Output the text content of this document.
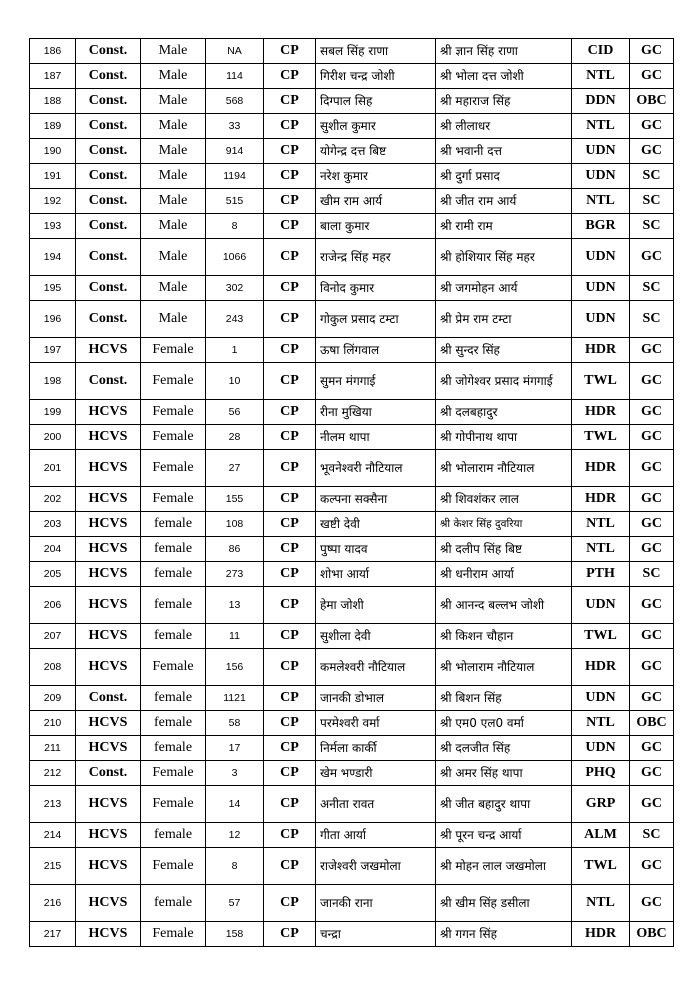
186	Const.	Male	NA	CP	सबल सिंह राणा	श्री ज्ञान सिंह राणा	CID	GC
187	Const.	Male	114	CP	गिरीश चन्द्र जोशी	श्री भोला दत्त जोशी	NTL	GC
188	Const.	Male	568	CP	दिग्पाल सिह	श्री महाराज सिंह	DDN	OBC
189	Const.	Male	33	CP	सुशील कुमार	श्री लीलाधर	NTL	GC
190	Const.	Male	914	CP	योगेन्द्र दत्त बिष्ट	श्री भवानी दत्त	UDN	GC
191	Const.	Male	1194	CP	नरेश कुमार	श्री दुर्गा प्रसाद	UDN	SC
192	Const.	Male	515	CP	खीम राम आर्य	श्री जीत राम आर्य	NTL	SC
193	Const.	Male	8	CP	बाला कुमार	श्री रामी राम	BGR	SC
194	Const.	Male	1066	CP	राजेन्द्र सिंह महर	श्री होशियार सिंह महर	UDN	GC
195	Const.	Male	302	CP	विनोद कुमार	श्री जगमोहन आर्य	UDN	SC
196	Const.	Male	243	CP	गोकुल प्रसाद टम्टा	श्री प्रेम राम टम्टा	UDN	SC
197	HCVS	Female	1	CP	ऊषा लिंगवाल	श्री सुन्दर सिंह	HDR	GC
198	Const.	Female	10	CP	सुमन मंगगाई	श्री जोगेश्वर प्रसाद मंगगाई	TWL	GC
199	HCVS	Female	56	CP	रीना मुखिया	श्री दलबहादुर	HDR	GC
200	HCVS	Female	28	CP	नीलम थापा	श्री गोपीनाथ थापा	TWL	GC
201	HCVS	Female	27	CP	भूवनेश्वरी नौटियाल	श्री भोलाराम नौटियाल	HDR	GC
202	HCVS	Female	155	CP	कल्पना सक्सैना	श्री शिवशंकर लाल	HDR	GC
203	HCVS	female	108	CP	खष्टी देवी	श्री केशर सिंह दुवरिया	NTL	GC
204	HCVS	female	86	CP	पुष्पा यादव	श्री दलीप सिंह बिष्ट	NTL	GC
205	HCVS	female	273	CP	शोभा आर्या	श्री धनीराम आर्या	PTH	SC
206	HCVS	female	13	CP	हेमा जोशी	श्री आनन्द बल्लभ जोशी	UDN	GC
207	HCVS	female	11	CP	सुशीला देवी	श्री किशन चौहान	TWL	GC
208	HCVS	Female	156	CP	कमलेश्वरी नौटियाल	श्री भोलाराम नौटियाल	HDR	GC
209	Const.	female	1121	CP	जानकी डोभाल	श्री बिशन सिंह	UDN	GC
210	HCVS	female	58	CP	परमेश्वरी वर्मा	श्री एम0 एल0 वर्मा	NTL	OBC
211	HCVS	female	17	CP	निर्मला कार्की	श्री दलजीत सिंह	UDN	GC
212	Const.	Female	3	CP	खेम भण्डारी	श्री अमर सिंह थापा	PHQ	GC
213	HCVS	Female	14	CP	अनीता रावत	श्री जीत बहादुर थापा	GRP	GC
214	HCVS	female	12	CP	गीता आर्या	श्री पूरन चन्द्र आर्या	ALM	SC
215	HCVS	Female	8	CP	राजेश्वरी जखमोला	श्री मोहन लाल जखमोला	TWL	GC
216	HCVS	female	57	CP	जानकी राना	श्री खीम सिंह डसीला	NTL	GC
217	HCVS	Female	158	CP	चन्द्रा	श्री गगन सिंह	HDR	OBC
